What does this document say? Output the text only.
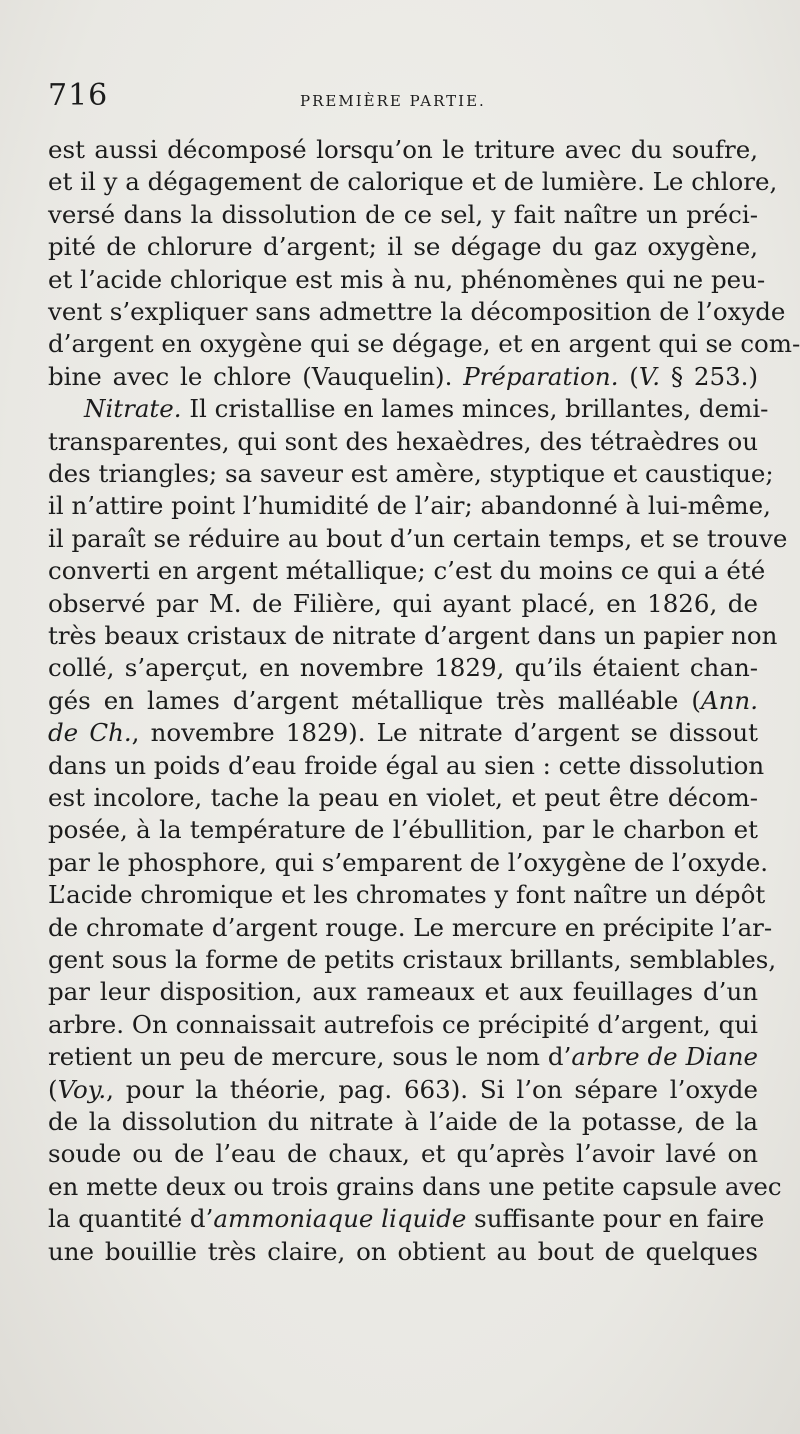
716	PREMIÈRE PARTIE.
est aussi décomposé lorsqu’on le triture avec du soufre,
et il y a dégagement de calorique et de lumière. Le chlore,
versé dans la dissolution de ce sel, y fait naître un préci-
pité de chlorure d’argent; il se dégage du gaz oxygène,
et l’acide chlorique est mis à nu, phénomènes qui ne peu-
vent s’expliquer sans admettre la décomposition de l’oxyde
d’argent en oxygène qui se dégage, et en argent qui se com-
bine avec le chlore (Vauquelin). Préparation. (V. § 253.)
Nitrate. Il cristallise en lames minces, brillantes, demi-
transparentes, qui sont des hexaèdres, des tétraèdres ou
des triangles; sa saveur est amère, styptique et caustique;
il n’attire point l’humidité de l’air; abandonné à lui-même,
il paraît se réduire au bout d’un certain temps, et se trouve
converti en argent métallique; c’est du moins ce qui a été
observé par M. de Filière, qui ayant placé, en 1826, de
très beaux cristaux de nitrate d’argent dans un papier non
collé, s’aperçut, en novembre 1829, qu’ils étaient chan-
gés en lames d’argent métallique très malléable (Ann.
de Ch., novembre 1829). Le nitrate d’argent se dissout
dans un poids d’eau froide égal au sien : cette dissolution
est incolore, tache la peau en violet, et peut être décom-
posée, à la température de l’ébullition, par le charbon et
par le phosphore, qui s’emparent de l’oxygène de l’oxyde.
L’acide chromique et les chromates y font naître un dépôt
de chromate d’argent rouge. Le mercure en précipite l’ar-
gent sous la forme de petits cristaux brillants, semblables,
par leur disposition, aux rameaux et aux feuillages d’un
arbre. On connaissait autrefois ce précipité d’argent, qui
retient un peu de mercure, sous le nom d’arbre de Diane
(Voy., pour la théorie, pag. 663). Si l’on sépare l’oxyde
de la dissolution du nitrate à l’aide de la potasse, de la
soude ou de l’eau de chaux, et qu’après l’avoir lavé on
en mette deux ou trois grains dans une petite capsule avec
la quantité d’ammoniaque liquide suffisante pour en faire
une bouillie très claire, on obtient au bout de quelques
